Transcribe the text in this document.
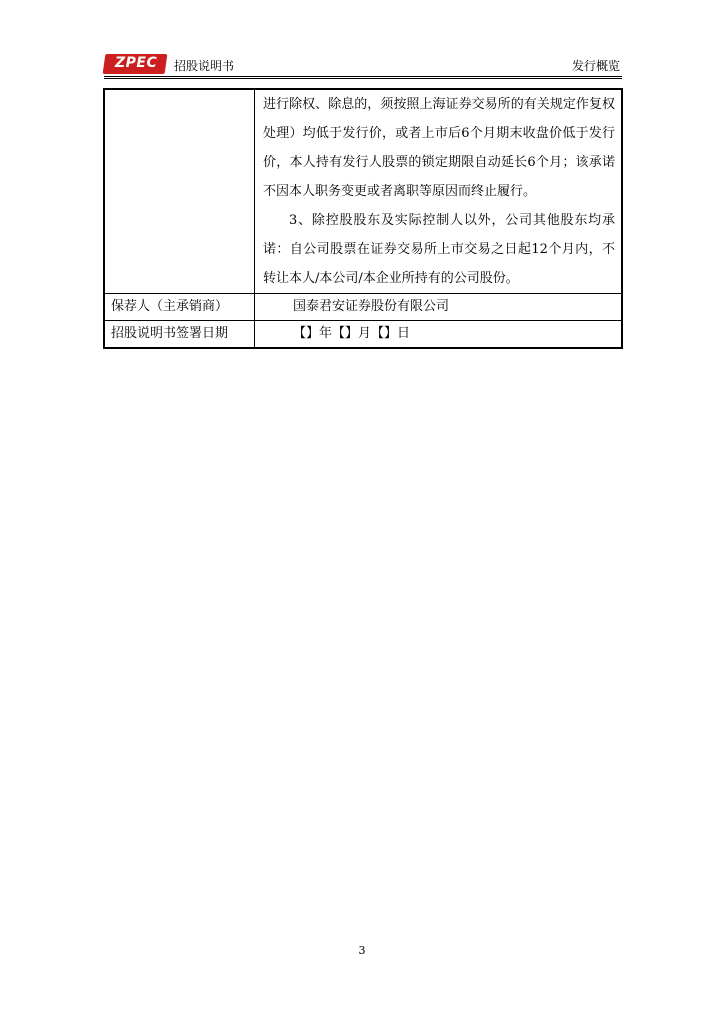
ZPEC	招股说明书	发行概览

	进行除权、除息的，须按照上海证券交易所的有关规定作复权处理）均低于发行价，或者上市后6个月期末收盘价低于发行价，本人持有发行人股票的锁定期限自动延长6个月；该承诺不因本人职务变更或者离职等原因而终止履行。

3、除控股股东及实际控制人以外，公司其他股东均承诺：自公司股票在证券交易所上市交易之日起12个月内，不转让本人/本公司/本企业所持有的公司股份。

保荐人（主承销商）	国泰君安证券股份有限公司
招股说明书签署日期	【】年【】月【】日
3
